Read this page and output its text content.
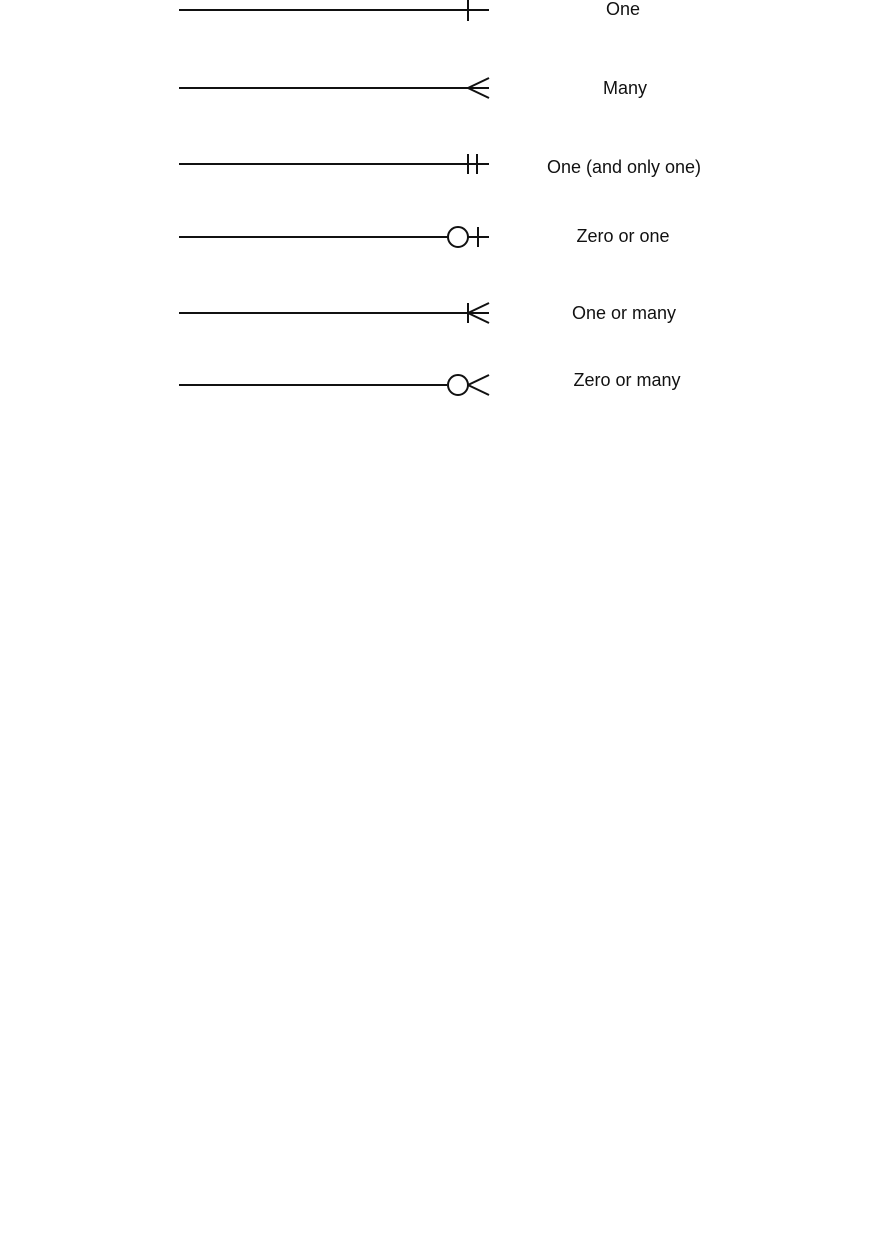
One
Many
One (and only one)
Zero or one
One or many
Zero or many
